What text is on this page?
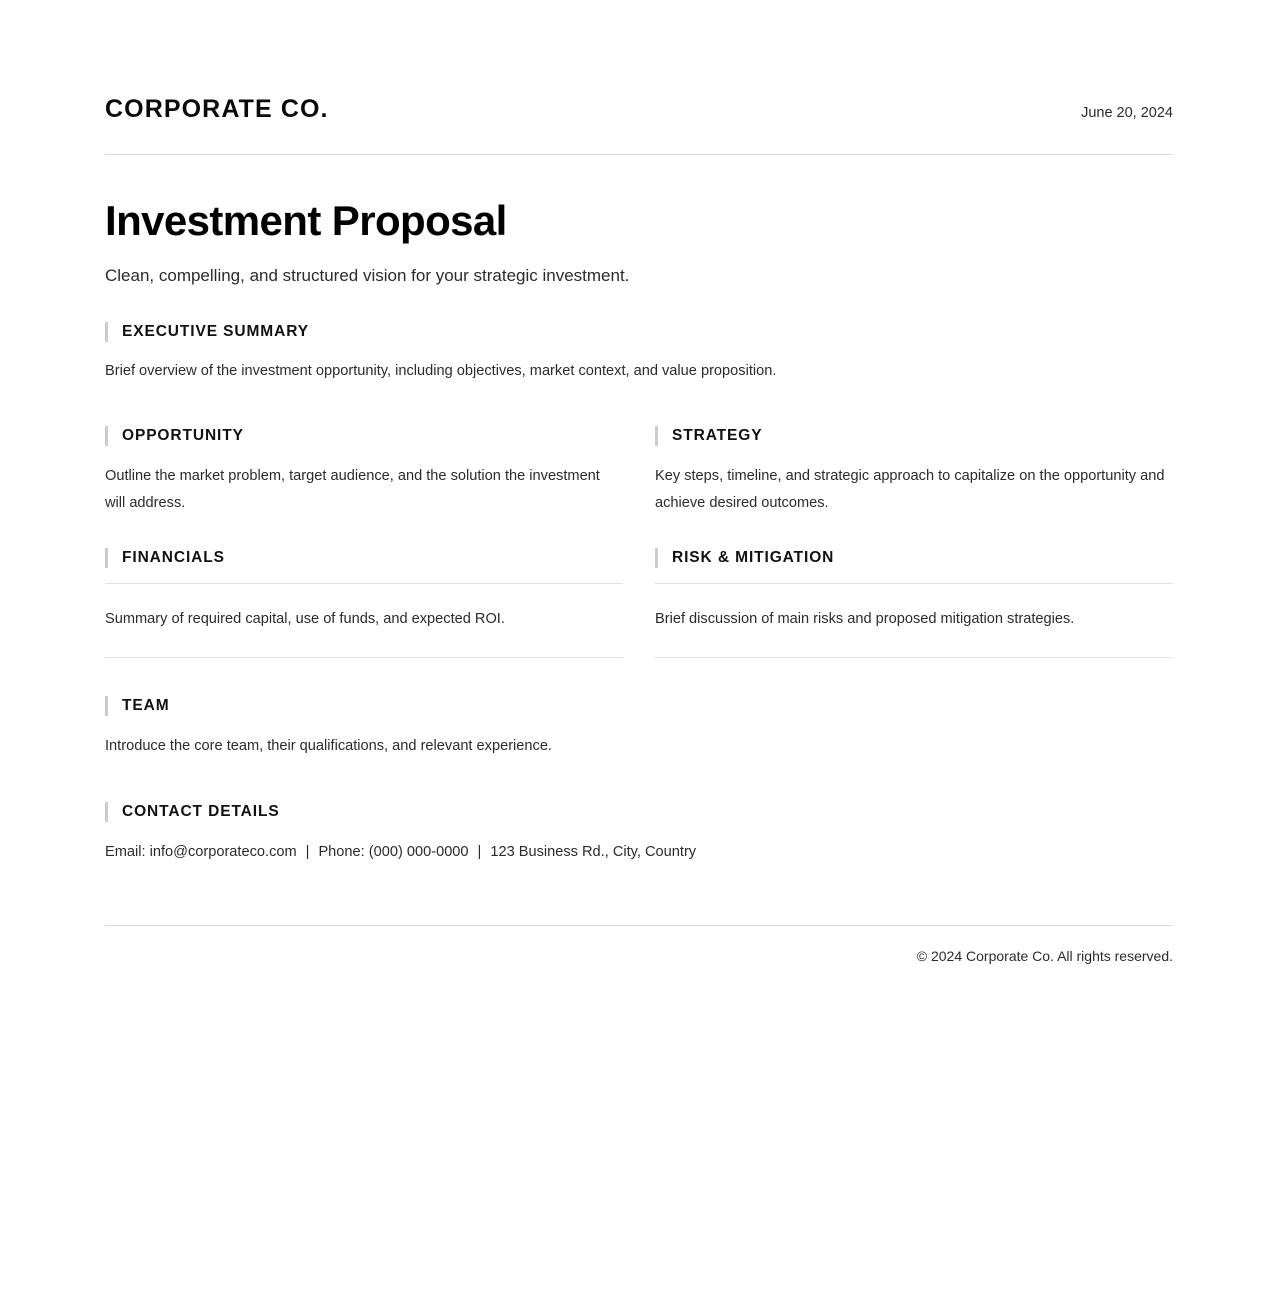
CORPORATE CO.	June 20, 2024
Investment Proposal

Clean, compelling, and structured vision for your strategic investment.

EXECUTIVE SUMMARY

Brief overview of the investment opportunity, including objectives, market context, and value proposition.

OPPORTUNITY

Outline the market problem, target audience, and the solution the investment will address.

STRATEGY

Key steps, timeline, and strategic approach to capitalize on the opportunity and achieve desired outcomes.

FINANCIALS

Summary of required capital, use of funds, and expected ROI.

RISK & MITIGATION

Brief discussion of main risks and proposed mitigation strategies.

TEAM

Introduce the core team, their qualifications, and relevant experience.

CONTACT DETAILS

Email: info@corporateco.com | Phone: (000) 000-0000 | 123 Business Rd., City, Country

© 2024 Corporate Co. All rights reserved.
